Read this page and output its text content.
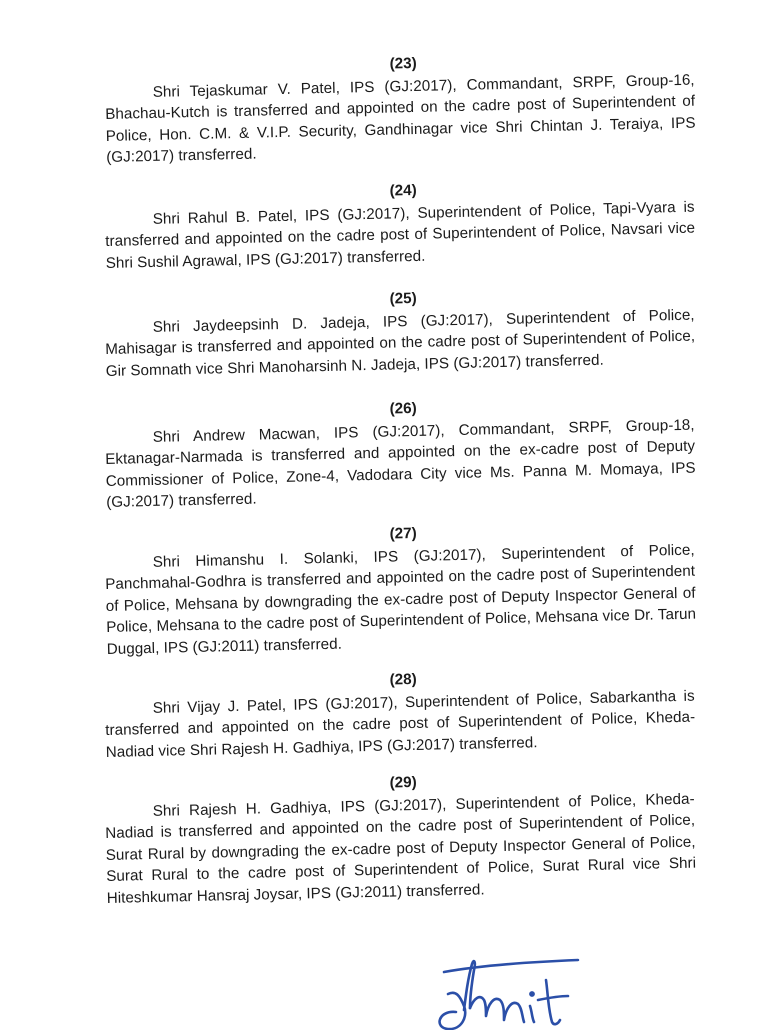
(23)
Shri Tejaskumar V. Patel, IPS (GJ:2017), Commandant, SRPF, Group-16, Bhachau-Kutch is transferred and appointed on the cadre post of Superintendent of Police, Hon. C.M. & V.I.P. Security, Gandhinagar vice Shri Chintan J. Teraiya, IPS (GJ:2017) transferred.
(24)
Shri Rahul B. Patel, IPS (GJ:2017), Superintendent of Police, Tapi-Vyara is transferred and appointed on the cadre post of Superintendent of Police, Navsari vice Shri Sushil Agrawal, IPS (GJ:2017) transferred.
(25)
Shri Jaydeepsinh D. Jadeja, IPS (GJ:2017), Superintendent of Police, Mahisagar is transferred and appointed on the cadre post of Superintendent of Police, Gir Somnath vice Shri Manoharsinh N. Jadeja, IPS (GJ:2017) transferred.
(26)
Shri Andrew Macwan, IPS (GJ:2017), Commandant, SRPF, Group-18, Ektanagar-Narmada is transferred and appointed on the ex-cadre post of Deputy Commissioner of Police, Zone-4, Vadodara City vice Ms. Panna M. Momaya, IPS (GJ:2017) transferred.
(27)
Shri Himanshu I. Solanki, IPS (GJ:2017), Superintendent of Police, Panchmahal-Godhra is transferred and appointed on the cadre post of Superintendent of Police, Mehsana by downgrading the ex-cadre post of Deputy Inspector General of Police, Mehsana to the cadre post of Superintendent of Police, Mehsana vice Dr. Tarun Duggal, IPS (GJ:2011) transferred.
(28)
Shri Vijay J. Patel, IPS (GJ:2017), Superintendent of Police, Sabarkantha is transferred and appointed on the cadre post of Superintendent of Police, Kheda-Nadiad vice Shri Rajesh H. Gadhiya, IPS (GJ:2017) transferred.
(29)
Shri Rajesh H. Gadhiya, IPS (GJ:2017), Superintendent of Police, Kheda-Nadiad is transferred and appointed on the cadre post of Superintendent of Police, Surat Rural by downgrading the ex-cadre post of Deputy Inspector General of Police, Surat Rural to the cadre post of Superintendent of Police, Surat Rural vice Shri Hiteshkumar Hansraj Joysar, IPS (GJ:2011) transferred.
